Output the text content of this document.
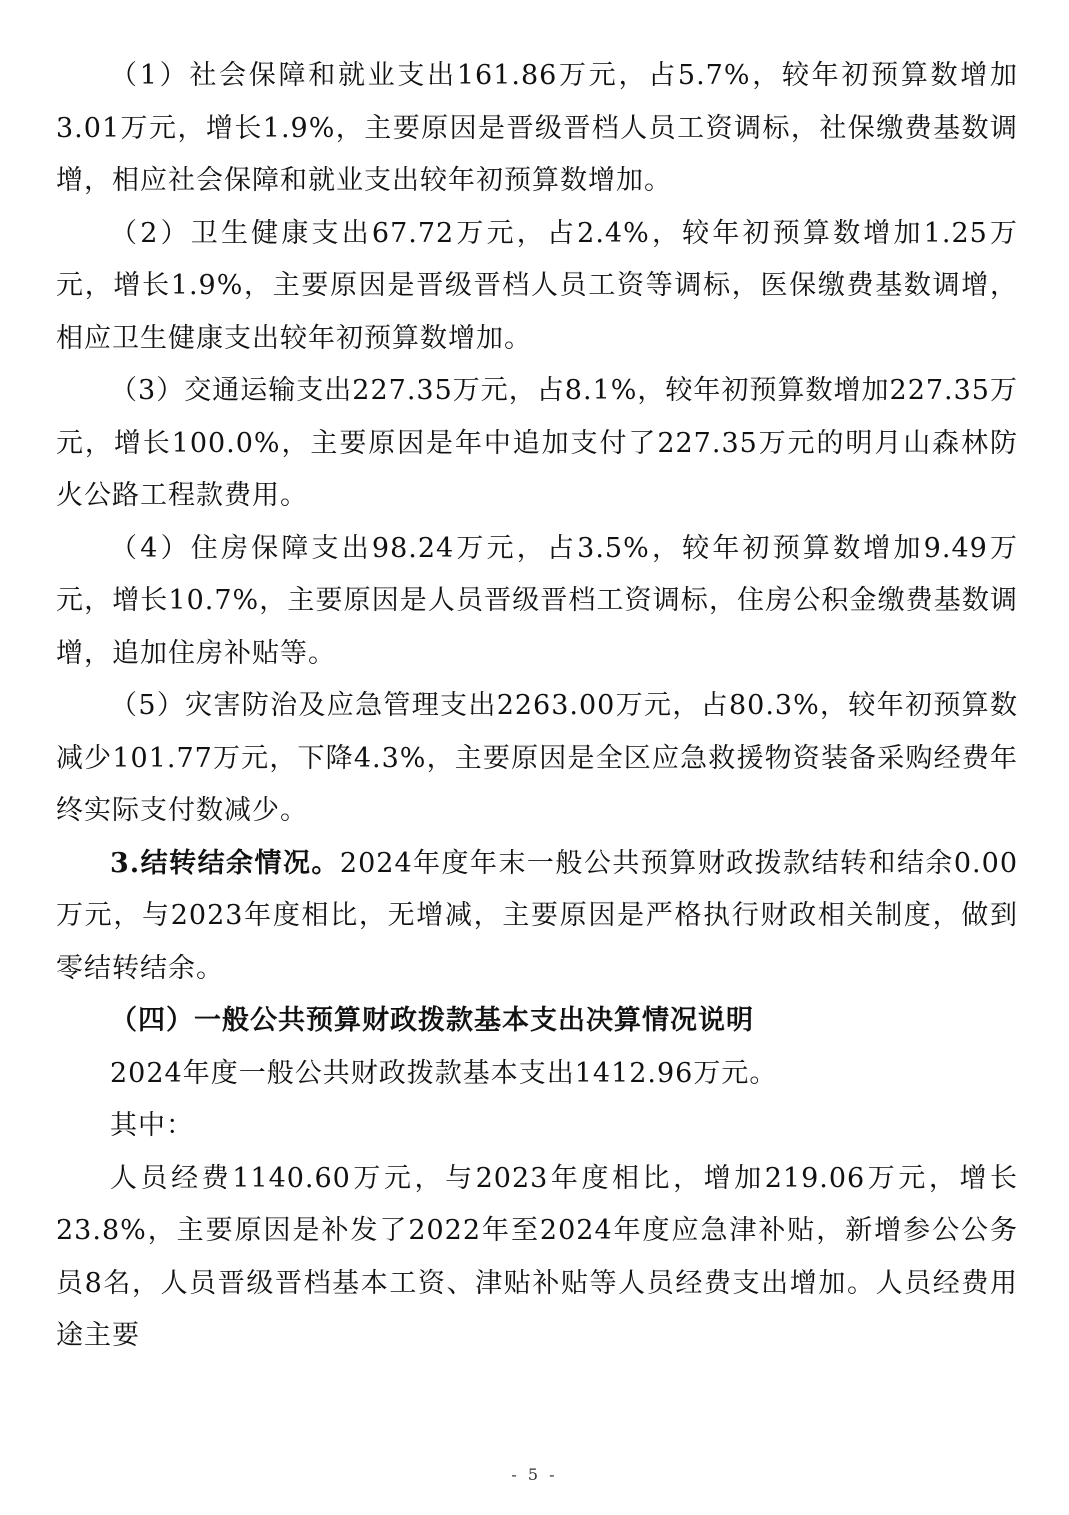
（1）社会保障和就业支出161.86万元，占5.7%，较年初预算数增加3.01万元，增长1.9%，主要原因是晋级晋档人员工资调标，社保缴费基数调增，相应社会保障和就业支出较年初预算数增加。

（2）卫生健康支出67.72万元，占2.4%，较年初预算数增加1.25万元，增长1.9%，主要原因是晋级晋档人员工资等调标，医保缴费基数调增，相应卫生健康支出较年初预算数增加。

（3）交通运输支出227.35万元，占8.1%，较年初预算数增加227.35万元，增长100.0%，主要原因是年中追加支付了227.35万元的明月山森林防火公路工程款费用。

（4）住房保障支出98.24万元，占3.5%，较年初预算数增加9.49万元，增长10.7%，主要原因是人员晋级晋档工资调标，住房公积金缴费基数调增，追加住房补贴等。

（5）灾害防治及应急管理支出2263.00万元，占80.3%，较年初预算数减少101.77万元，下降4.3%，主要原因是全区应急救援物资装备采购经费年终实际支付数减少。

3.结转结余情况。2024年度年末一般公共预算财政拨款结转和结余0.00万元，与2023年度相比，无增减，主要原因是严格执行财政相关制度，做到零结转结余。

（四）一般公共预算财政拨款基本支出决算情况说明

2024年度一般公共财政拨款基本支出1412.96万元。

其中：

人员经费1140.60万元，与2023年度相比，增加219.06万元，增长23.8%，主要原因是补发了2022年至2024年度应急津补贴，新增参公公务员8名，人员晋级晋档基本工资、津贴补贴等人员经费支出增加。人员经费用途主要

- 5 -
